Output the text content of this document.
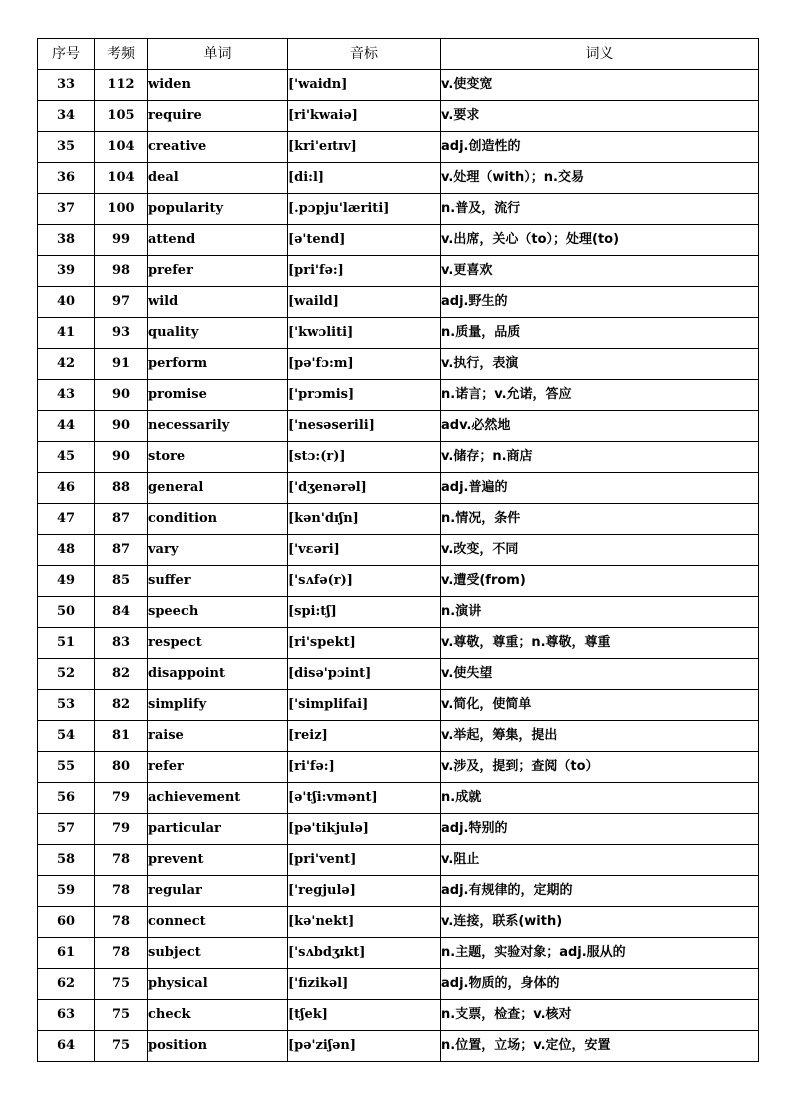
序号	考频	单词	音标	词义
33	112	widen	['waidn]	v.使变宽
34	105	require	[ri'kwaiə]	v.要求
35	104	creative	[kri'eɪtɪv]	adj.创造性的
36	104	deal	[di:l]	v.处理（with）；n.交易
37	100	popularity	[.pɔpju'læriti]	n.普及，流行
38	99	attend	[ə'tend]	v.出席，关心（to）；处理(to)
39	98	prefer	[pri'fə:]	v.更喜欢
40	97	wild	[waild]	adj.野生的
41	93	quality	['kwɔliti]	n.质量，品质
42	91	perform	[pə'fɔ:m]	v.执行，表演
43	90	promise	['prɔmis]	n.诺言；v.允诺，答应
44	90	necessarily	['nesəserili]	adv.必然地
45	90	store	[stɔ:(r)]	v.储存；n.商店
46	88	general	['dʒenərəl]	adj.普遍的
47	87	condition	[kən'dɪʃn]	n.情况，条件
48	87	vary	['vɛəri]	v.改变，不同
49	85	suffer	['sʌfə(r)]	v.遭受(from)
50	84	speech	[spi:tʃ]	n.演讲
51	83	respect	[ri'spekt]	v.尊敬，尊重；n.尊敬，尊重
52	82	disappoint	[disə'pɔint]	v.使失望
53	82	simplify	['simplifai]	v.简化，使简单
54	81	raise	[reiz]	v.举起，筹集，提出
55	80	refer	[ri'fə:]	v.涉及，提到；查阅（to）
56	79	achievement	[ə'tʃi:vmənt]	n.成就
57	79	particular	[pə'tikjulə]	adj.特别的
58	78	prevent	[pri'vent]	v.阻止
59	78	regular	['regjulə]	adj.有规律的，定期的
60	78	connect	[kə'nekt]	v.连接，联系(with)
61	78	subject	['sʌbdʒɪkt]	n.主题，实验对象；adj.服从的
62	75	physical	['fizikəl]	adj.物质的，身体的
63	75	check	[tʃek]	n.支票，检查；v.核对
64	75	position	[pə'ziʃən]	n.位置，立场；v.定位，安置
